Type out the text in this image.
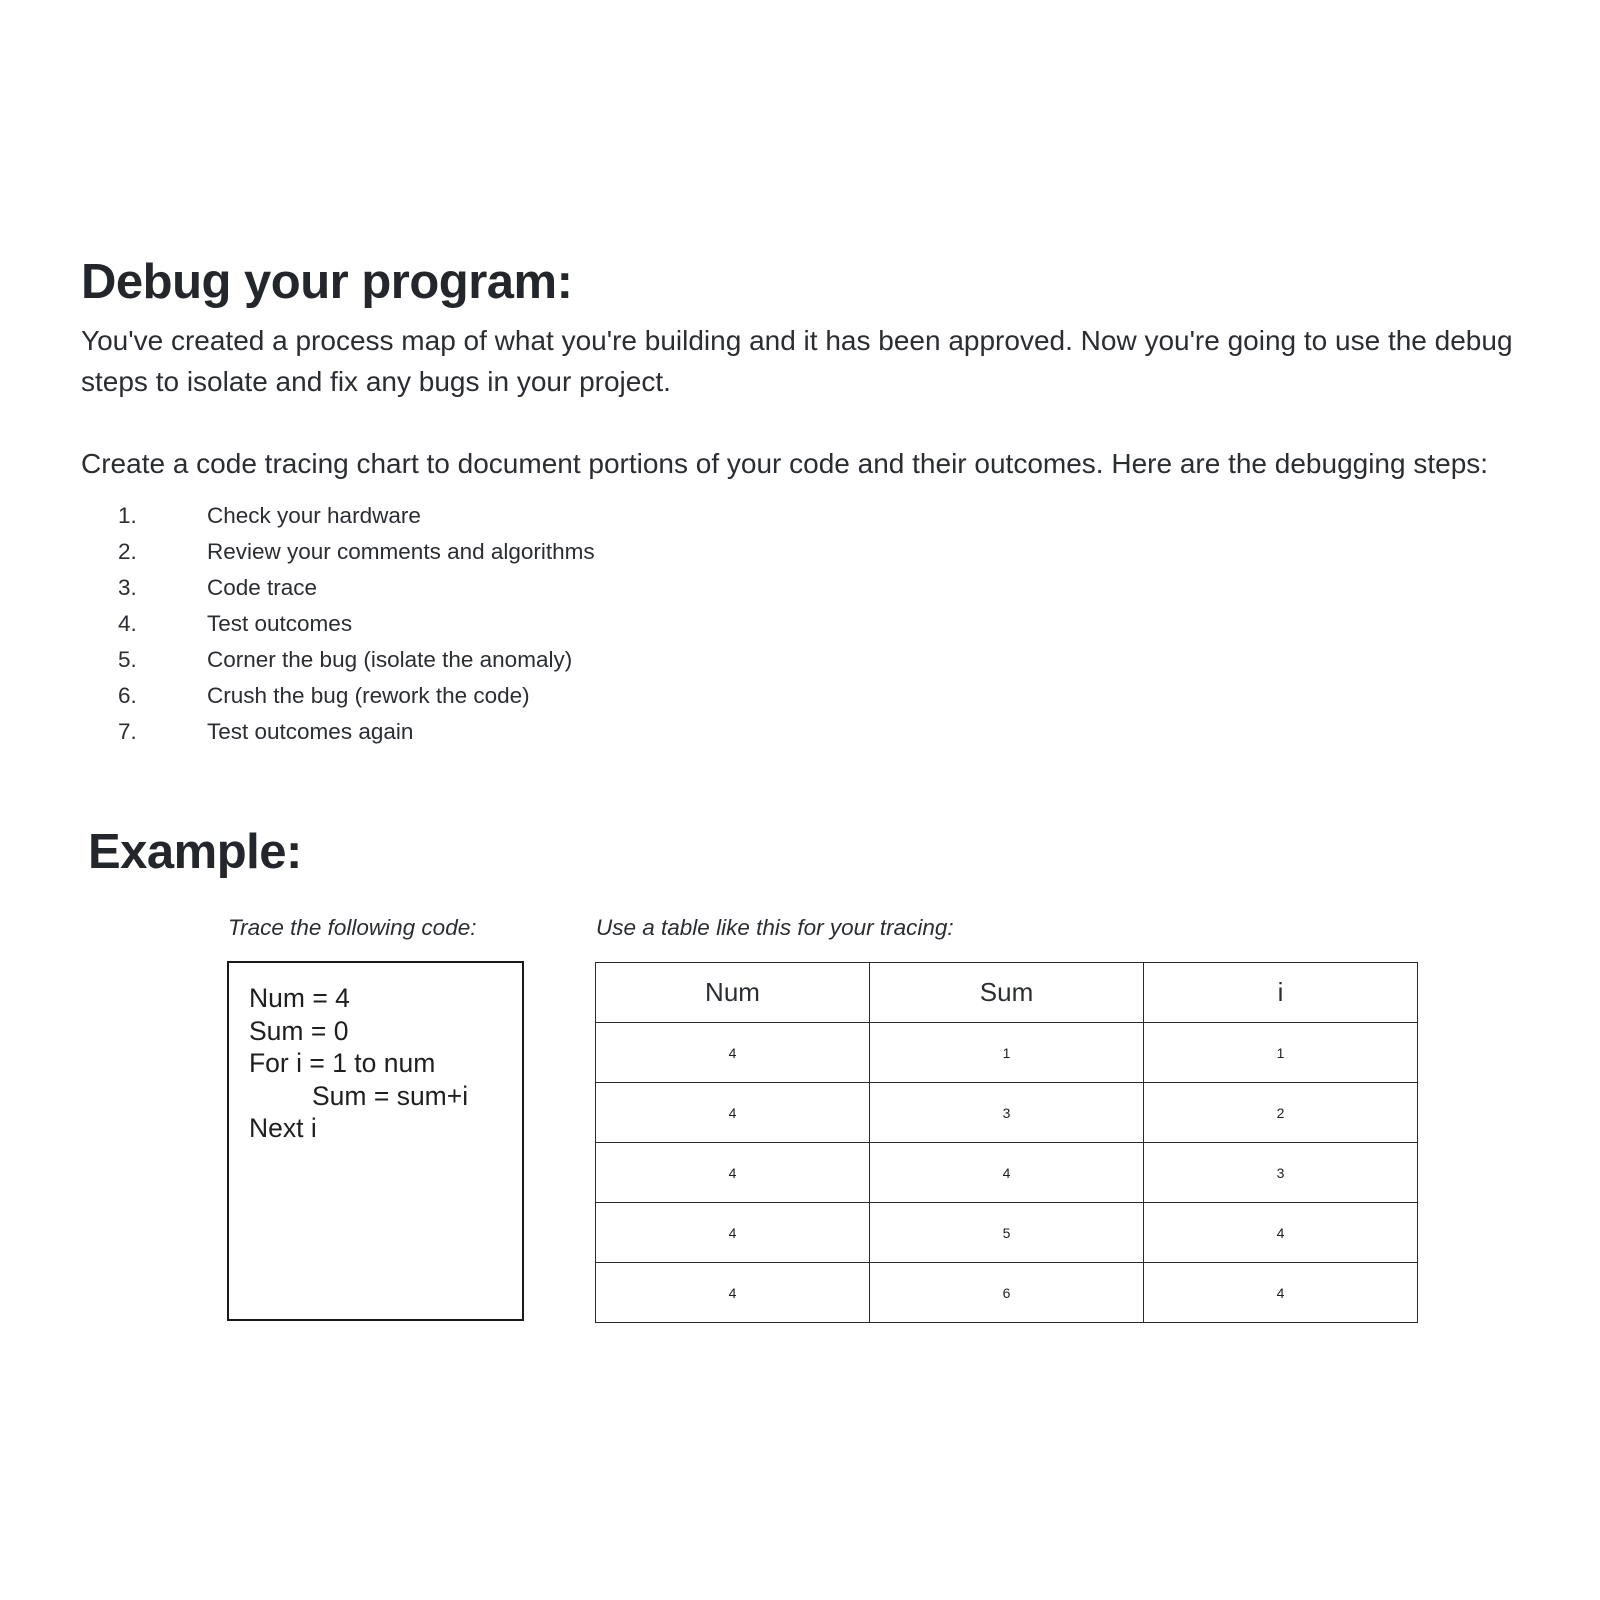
Debug your program:

You've created a process map of what you're building and it has been approved. Now you're going to use the debug steps to isolate and fix any bugs in your project.

Create a code tracing chart to document portions of your code and their outcomes. Here are the debugging steps:

1.	Check your hardware
2.	Review your comments and algorithms
3.	Code trace
4.	Test outcomes
5.	Corner the bug (isolate the anomaly)
6.	Crush the bug (rework the code)
7.	Test outcomes again
Example:

Trace the following code:	Use a table like this for your tracing:

Num = 4
Sum = 0
For i = 1 to num
Sum = sum+i
Next i
Num	Sum	i
4	1	1
4	3	2
4	4	3
4	5	4
4	6	4
